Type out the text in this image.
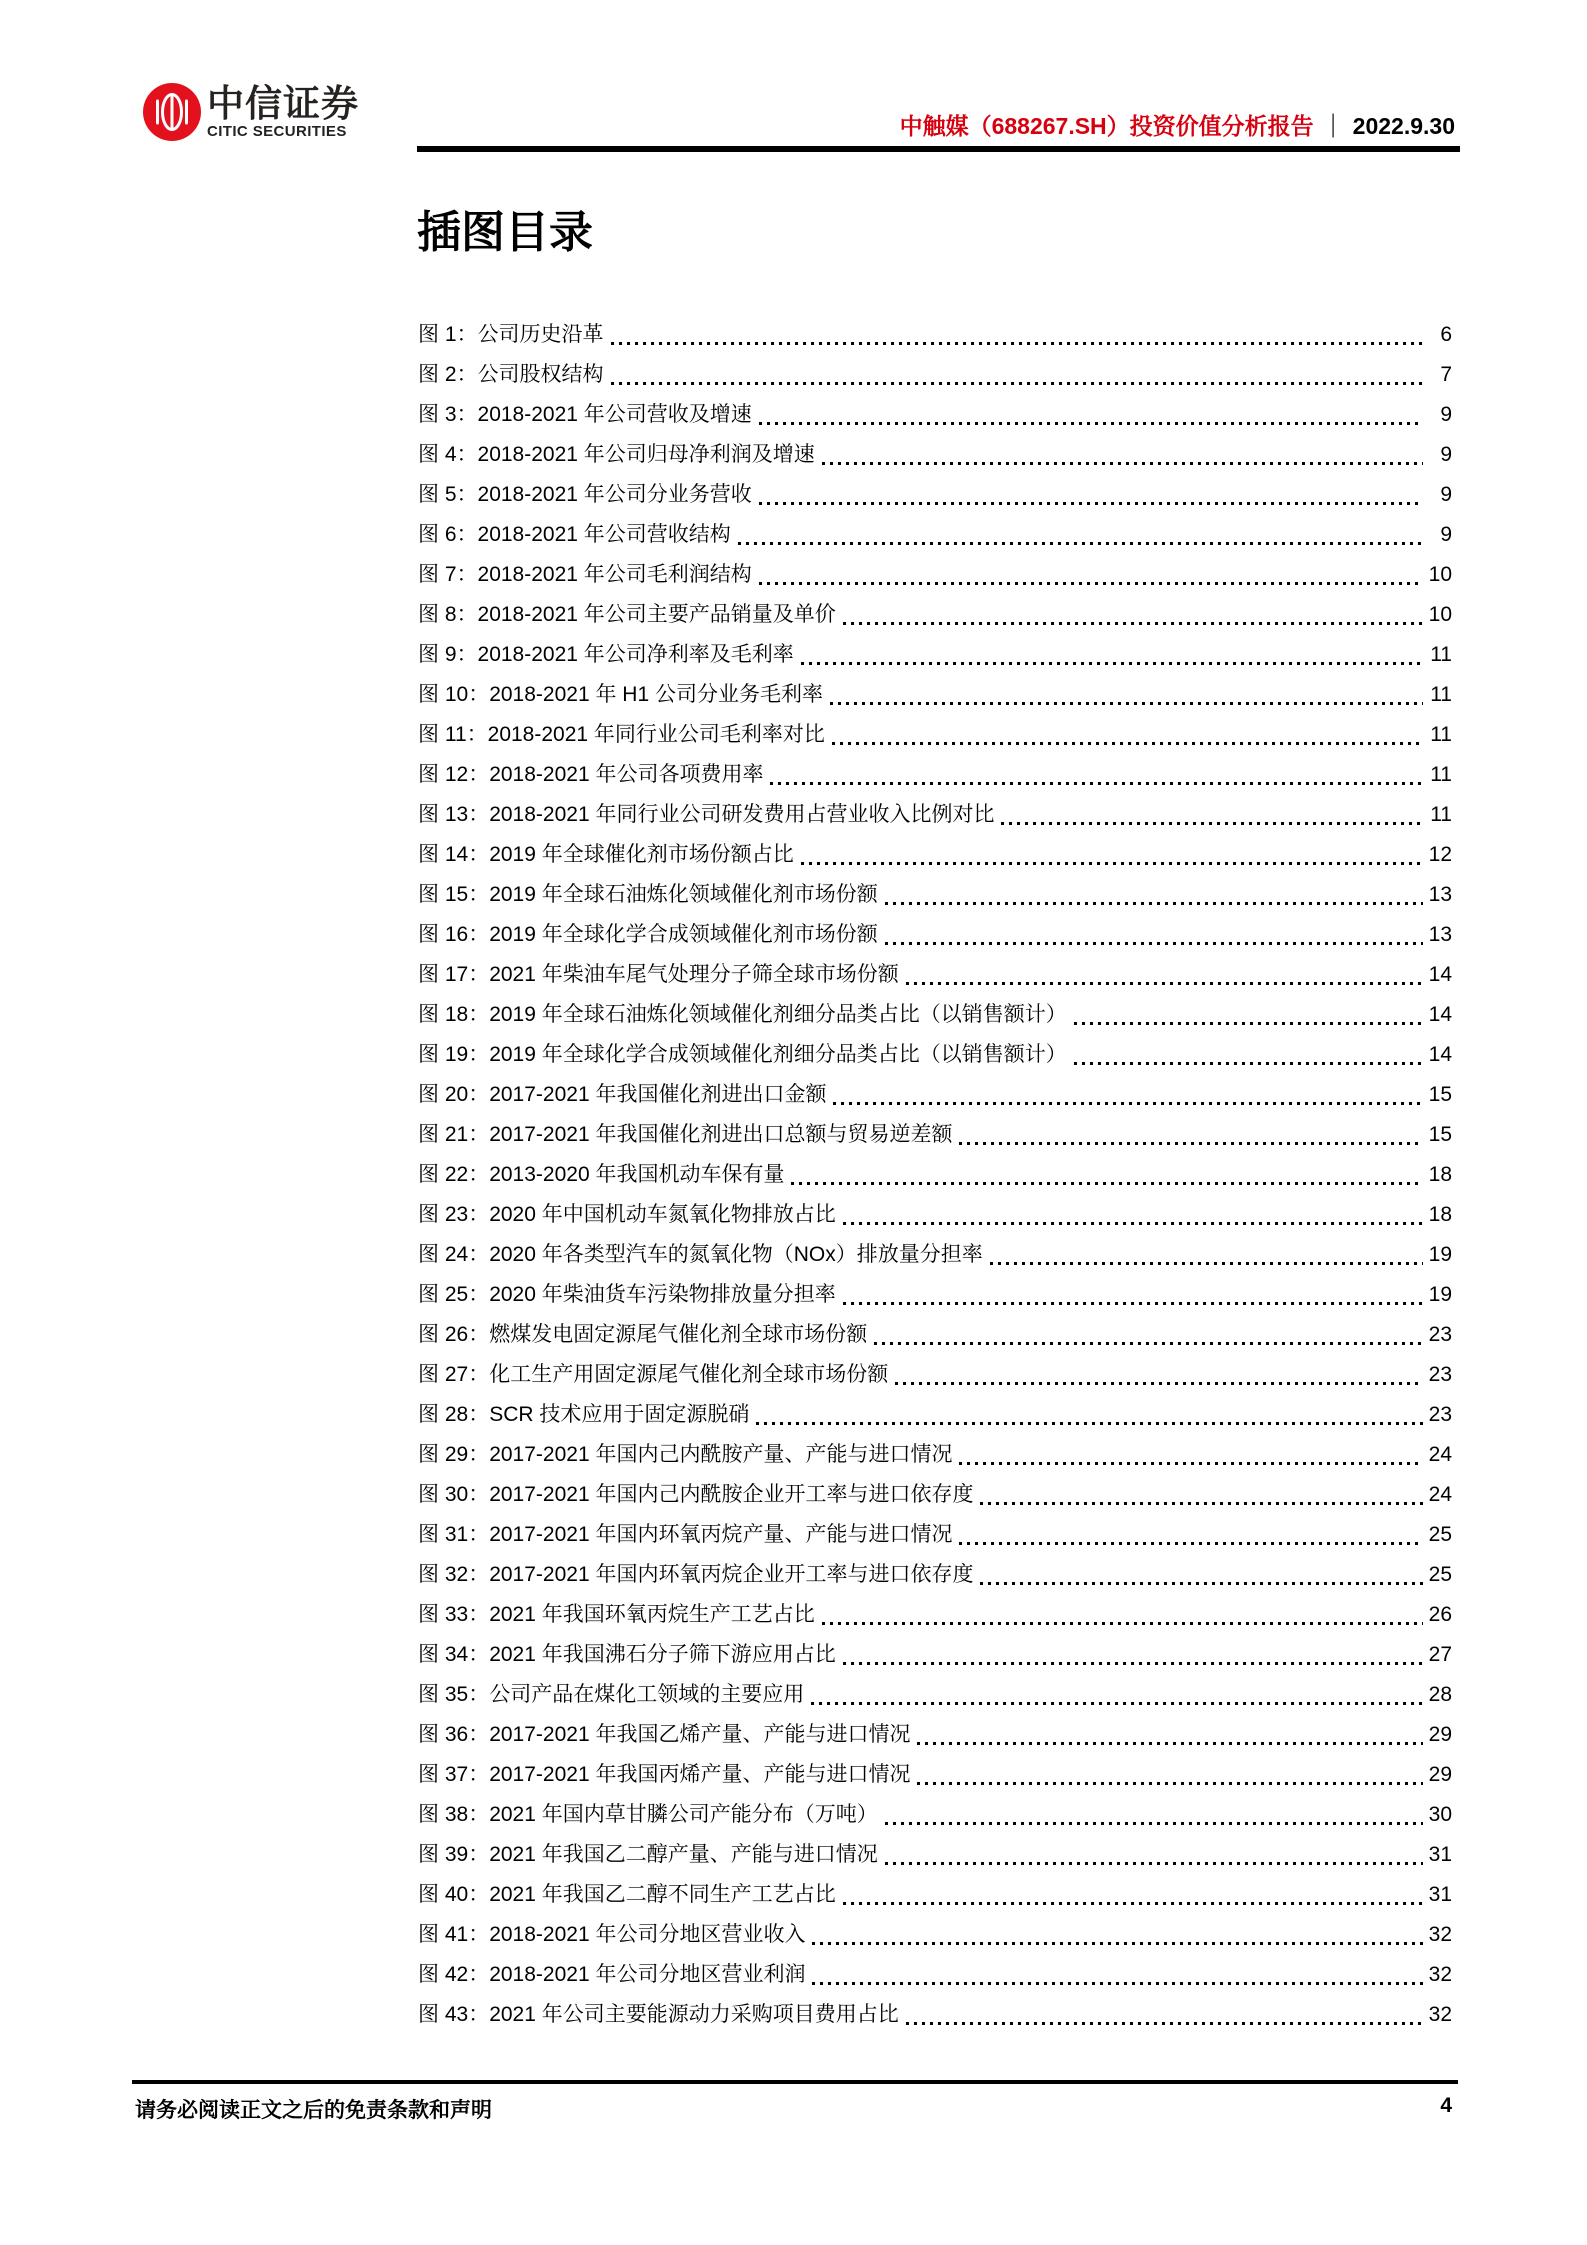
中信证券
CITIC SECURITIES	中触媒（688267.SH）投资价值分析报告 ｜ 2022.9.30
插图目录
图 1：公司历史沿革	6
图 2：公司股权结构	7
图 3：2018-2021 年公司营收及增速	9
图 4：2018-2021 年公司归母净利润及增速	9
图 5：2018-2021 年公司分业务营收	9
图 6：2018-2021 年公司营收结构	9
图 7：2018-2021 年公司毛利润结构	10
图 8：2018-2021 年公司主要产品销量及单价	10
图 9：2018-2021 年公司净利率及毛利率	11
图 10：2018-2021 年 H1 公司分业务毛利率	11
图 11：2018-2021 年同行业公司毛利率对比	11
图 12：2018-2021 年公司各项费用率	11
图 13：2018-2021 年同行业公司研发费用占营业收入比例对比	11
图 14：2019 年全球催化剂市场份额占比	12
图 15：2019 年全球石油炼化领域催化剂市场份额	13
图 16：2019 年全球化学合成领域催化剂市场份额	13
图 17：2021 年柴油车尾气处理分子筛全球市场份额	14
图 18：2019 年全球石油炼化领域催化剂细分品类占比（以销售额计）	14
图 19：2019 年全球化学合成领域催化剂细分品类占比（以销售额计）	14
图 20：2017-2021 年我国催化剂进出口金额	15
图 21：2017-2021 年我国催化剂进出口总额与贸易逆差额	15
图 22：2013-2020 年我国机动车保有量	18
图 23：2020 年中国机动车氮氧化物排放占比	18
图 24：2020 年各类型汽车的氮氧化物（NOx）排放量分担率	19
图 25：2020 年柴油货车污染物排放量分担率	19
图 26：燃煤发电固定源尾气催化剂全球市场份额	23
图 27：化工生产用固定源尾气催化剂全球市场份额	23
图 28：SCR 技术应用于固定源脱硝	23
图 29：2017-2021 年国内己内酰胺产量、产能与进口情况	24
图 30：2017-2021 年国内己内酰胺企业开工率与进口依存度	24
图 31：2017-2021 年国内环氧丙烷产量、产能与进口情况	25
图 32：2017-2021 年国内环氧丙烷企业开工率与进口依存度	25
图 33：2021 年我国环氧丙烷生产工艺占比	26
图 34：2021 年我国沸石分子筛下游应用占比	27
图 35：公司产品在煤化工领域的主要应用	28
图 36：2017-2021 年我国乙烯产量、产能与进口情况	29
图 37：2017-2021 年我国丙烯产量、产能与进口情况	29
图 38：2021 年国内草甘膦公司产能分布（万吨）	30
图 39：2021 年我国乙二醇产量、产能与进口情况	31
图 40：2021 年我国乙二醇不同生产工艺占比	31
图 41：2018-2021 年公司分地区营业收入	32
图 42：2018-2021 年公司分地区营业利润	32
图 43：2021 年公司主要能源动力采购项目费用占比	32
请务必阅读正文之后的免责条款和声明	4
